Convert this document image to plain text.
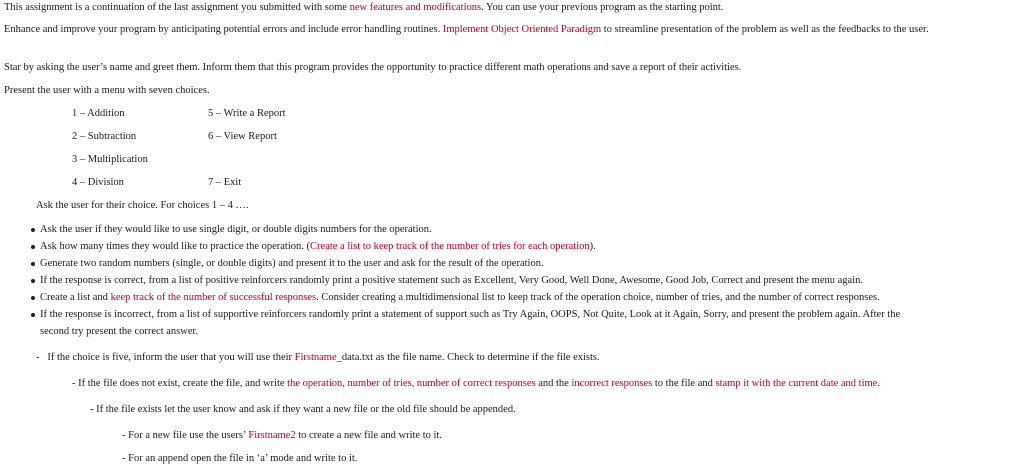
This assignment is a continuation of the last assignment you submitted with some new features and modifications. You can use your previous program as the starting point.
Enhance and improve your program by anticipating potential errors and include error handling routines. Implement Object Oriented Paradigm to streamline presentation of the problem as well as the feedbacks to the user.
Star by asking the user’s name and greet them. Inform them that this program provides the opportunity to practice different math operations and save a report of their activities.
Present the user with a menu with seven choices.
1 – Addition	5 – Write a Report
2 – Subtraction	6 – View Report
3 – Multiplication
4 – Division	7 – Exit
Ask the user for their choice. For choices 1 – 4 ….
Ask the user if they would like to use single digit, or double digits numbers for the operation.
Ask how many times they would like to practice the operation. (Create a list to keep track of the number of tries for each operation).
Generate two random numbers (single, or double digits) and present it to the user and ask for the result of the operation.
If the response is correct, from a list of positive reinforcers randomly print a positive statement such as Excellent, Very Good, Well Done, Awesome, Good Job, Correct and present the menu again.
Create a list and keep track of the number of successful responses. Consider creating a multidimensional list to keep track of the operation choice, number of tries, and the number of correct responses.
If the response is incorrect, from a list of supportive reinforcers randomly print a statement of support such as Try Again, OOPS, Not Quite, Look at it Again, Sorry, and present the problem again. After the
second try present the correct answer.
-   If the choice is five, inform the user that you will use their Firstname_data.txt as the file name. Check to determine if the file exists.
- If the file does not exist, create the file, and write the operation, number of tries, number of correct responses and the incorrect responses to the file and stamp it with the current date and time.
- If the file exists let the user know and ask if they want a new file or the old file should be appended.
- For a new file use the users’ Firstname2 to create a new file and write to it.
- For an append open the file in ‘a’ mode and write to it.
